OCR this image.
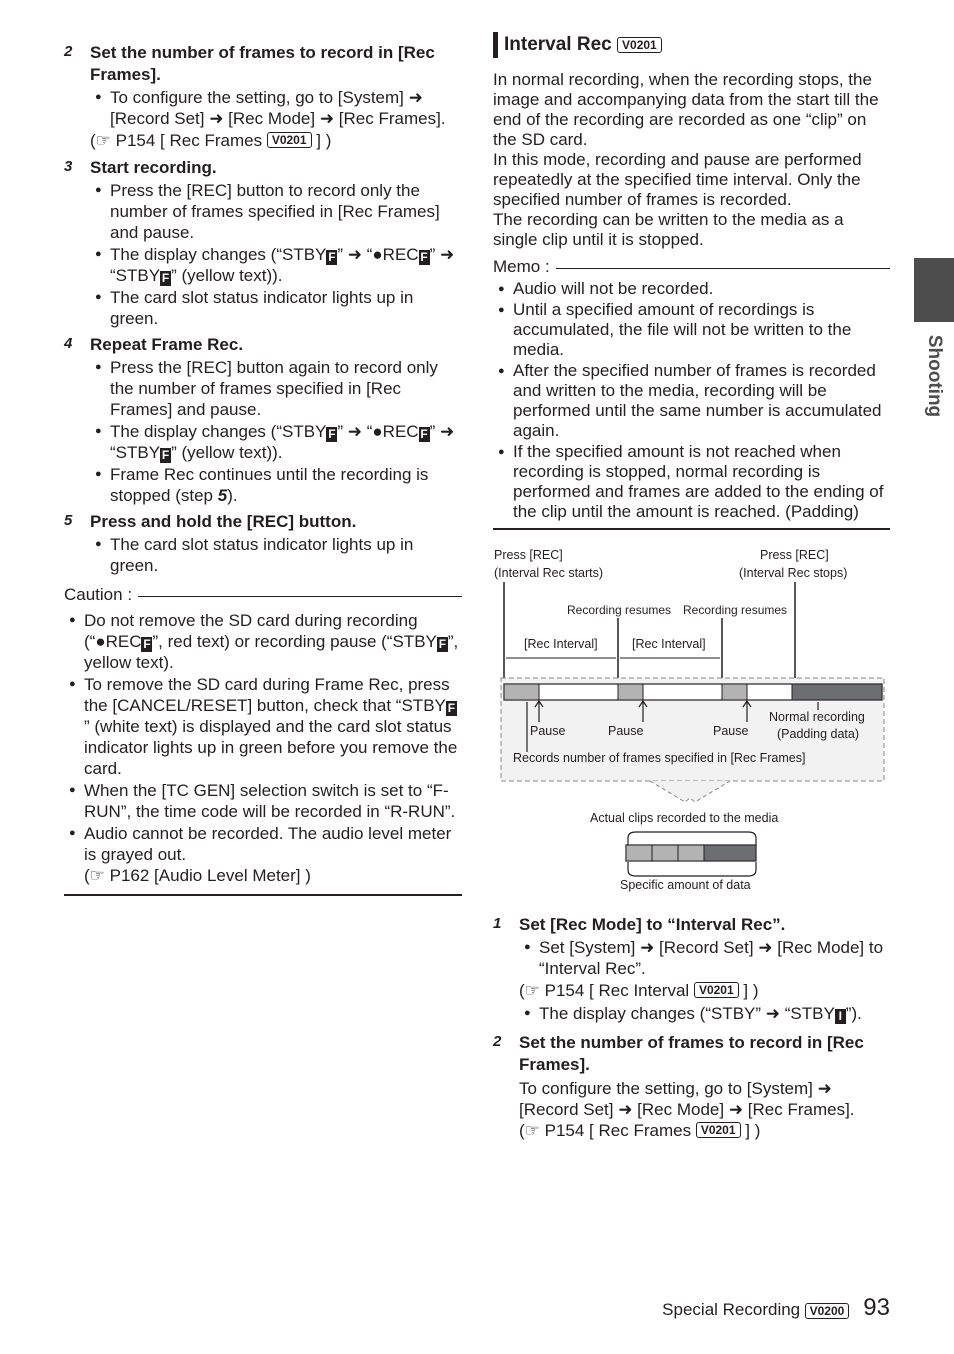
Shooting
2 Set the number of frames to record in [Rec Frames].
● To configure the setting, go to [System] ➜ [Record Set] ➜ [Rec Mode] ➜ [Rec Frames].
(☞ P154 [ Rec Frames V0201 ] )
3 Start recording.
● Press the [REC] button to record only the number of frames specified in [Rec Frames] and pause.
● The display changes (“STBY F ” ➜ “●REC F ” ➜ “STBY F ” (yellow text)).
● The card slot status indicator lights up in green.
4 Repeat Frame Rec.
● Press the [REC] button again to record only the number of frames specified in [Rec Frames] and pause.
● The display changes (“STBY F ” ➜ “●REC F ” ➜ “STBY F ” (yellow text)).
● Frame Rec continues until the recording is stopped (step 5).
5 Press and hold the [REC] button.
● The card slot status indicator lights up in green.
Caution :
● Do not remove the SD card during recording (“●REC F ”, red text) or recording pause (“STBY F ”, yellow text).
● To remove the SD card during Frame Rec, press the [CANCEL/RESET] button, check that “STBY F” (white text) is displayed and the card slot status indicator lights up in green before you remove the card.
● When the [TC GEN] selection switch is set to “F-RUN”, the time code will be recorded in “R-RUN”.
● Audio cannot be recorded. The audio level meter is grayed out.
(☞ P162 [Audio Level Meter] )
Interval Rec
V0201

In normal recording, when the recording stops, the image and accompanying data from the start till the end of the recording are recorded as one “clip” on the SD card.

In this mode, recording and pause are performed repeatedly at the specified time interval. Only the specified number of frames is recorded.

The recording can be written to the media as a single clip until it is stopped.

Memo :
● Audio will not be recorded.
● Until a specified amount of recordings is accumulated, the file will not be written to the media.
● After the specified number of frames is recorded and written to the media, recording will be performed until the same number is accumulated again.
● If the specified amount is not reached when recording is stopped, normal recording is performed and frames are added to the ending of the clip until the amount is reached. (Padding)
Press [REC]
(Interval Rec starts)
Press [REC]
(Interval Rec stops)
Recording resumes Recording resumes
[Rec Interval]	[Rec Interval]
Pause	Pause	Pause
Normal recording
(Padding data)
Records number of frames specified in [Rec Frames]
Actual clips recorded to the media
Specific amount of data
1 Set [Rec Mode] to “Interval Rec”.
● Set [System] ➜ [Record Set] ➜ [Rec Mode] to “Interval Rec”.
(☞ P154 [ Rec Interval V0201 ] )
● The display changes (“STBY” ➜ “STBY I ”).
2 Set the number of frames to record in [Rec Frames].
To configure the setting, go to [System] ➜ [Record Set] ➜ [Rec Mode] ➜ [Rec Frames].
(☞ P154 [ Rec Frames V0201 ] )
Special Recording
V0200 93
